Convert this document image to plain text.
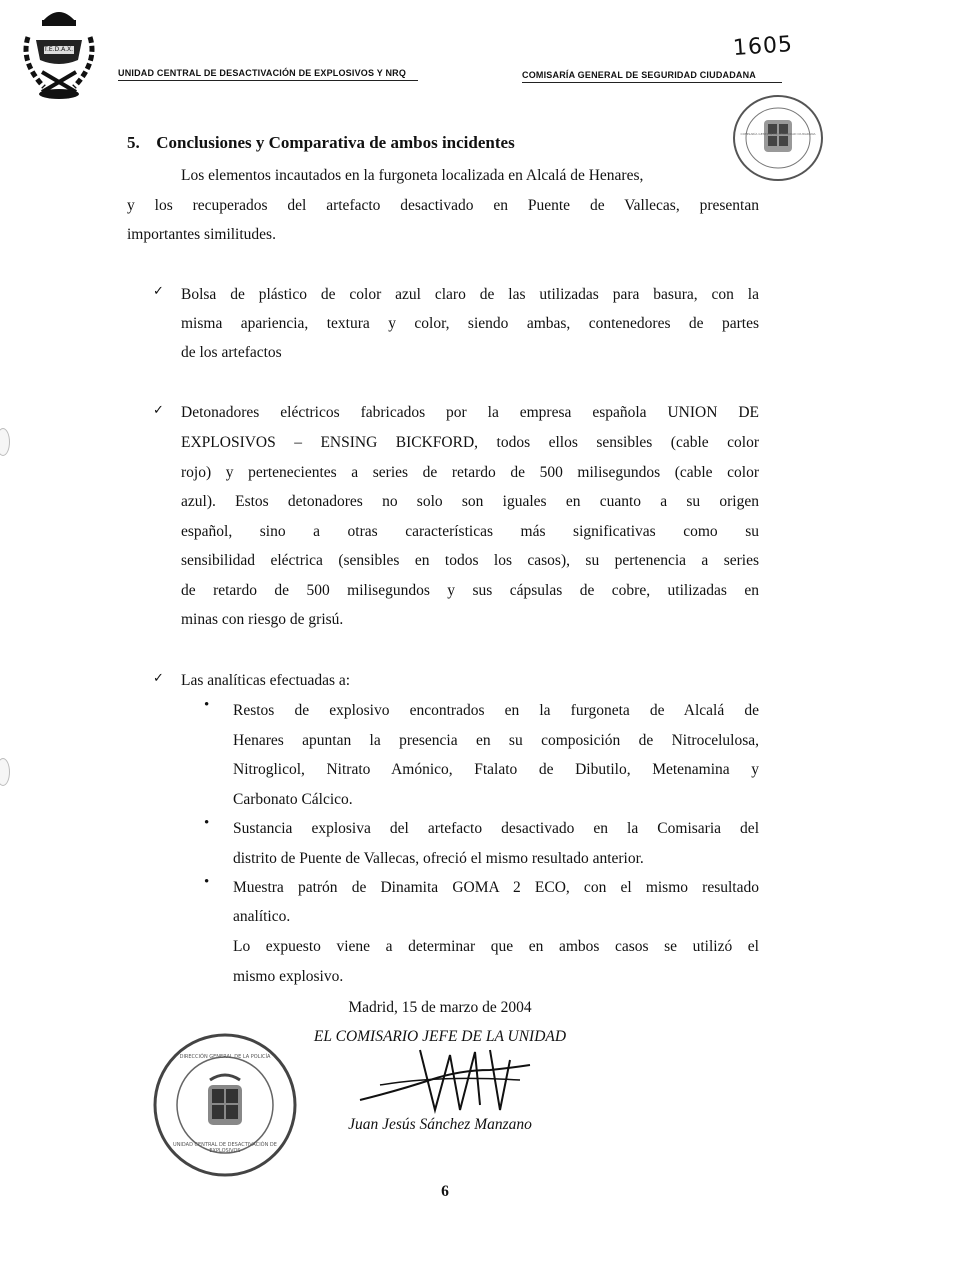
T.E.D.A.X.
UNIDAD CENTRAL DE DESACTIVACIÓN DE EXPLOSIVOS Y NRQ	COMISARÍA GENERAL DE SEGURIDAD CIUDADANA
1605
COMISARÍA GENERAL DE SEGURIDAD CIUDADANA
5. Conclusiones y Comparativa de ambos incidentes
Los elementos incautados en la furgoneta localizada en Alcalá de Henares,
y los recuperados del artefacto desactivado en Puente de Vallecas, presentan
importantes similitudes.
✓ Bolsa de plástico de color azul claro de las utilizadas para basura, con la
misma apariencia, textura y color, siendo ambas, contenedores de partes
de los artefactos
✓ Detonadores eléctricos fabricados por la empresa española UNION DE
EXPLOSIVOS – ENSING BICKFORD, todos ellos sensibles (cable color
rojo) y pertenecientes a series de retardo de 500 milisegundos (cable color
azul). Estos detonadores no solo son iguales en cuanto a su origen
español, sino a otras características más significativas como su
sensibilidad eléctrica (sensibles en todos los casos), su pertenencia a series
de retardo de 500 milisegundos y sus cápsulas de cobre, utilizadas en
minas con riesgo de grisú.
✓ Las analíticas efectuadas a:
• Restos de explosivo encontrados en la furgoneta de Alcalá de
Henares apuntan la presencia en su composición de Nitrocelulosa,
Nitroglicol, Nitrato Amónico, Ftalato de Dibutilo, Metenamina y
Carbonato Cálcico.
• Sustancia explosiva del artefacto desactivado en la Comisaria del
distrito de Puente de Vallecas, ofreció el mismo resultado anterior.
• Muestra patrón de Dinamita GOMA 2 ECO, con el mismo resultado
analítico.
Lo expuesto viene a determinar que en ambos casos se utilizó el
mismo explosivo.
Madrid, 15 de marzo de 2004
EL COMISARIO JEFE DE LA UNIDAD
Juan Jesús Sánchez Manzano
DIRECCIÓN GENERAL DE LA POLICÍA
UNIDAD CENTRAL DE DESACTIVACIÓN DE EXPLOSIVOS
6
